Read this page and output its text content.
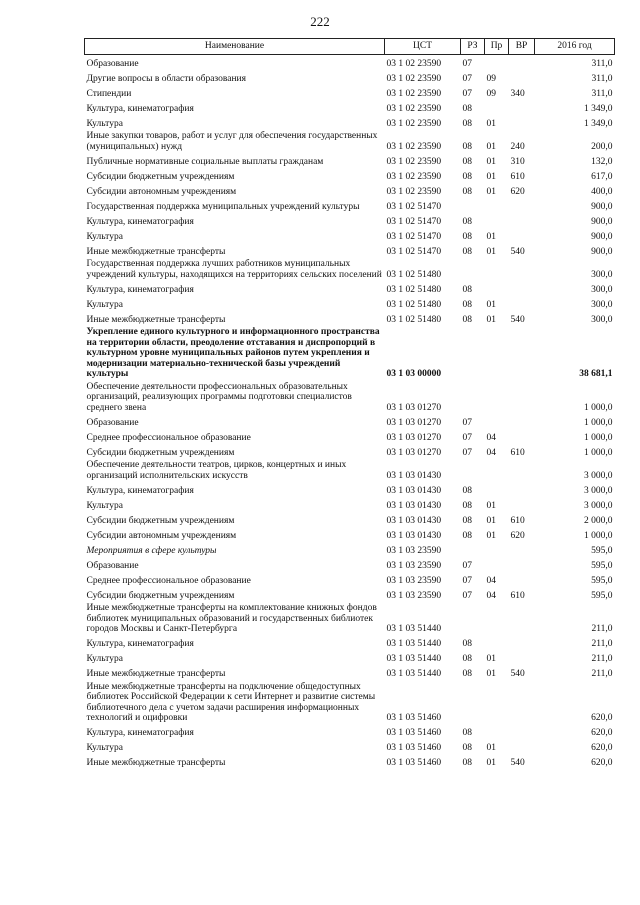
222
Наименование	ЦСТ	РЗ	Пр	ВР	2016 год
Образование	03 1 02 23590	07			311,0
Другие вопросы в области образования	03 1 02 23590	07	09		311,0
Стипендии	03 1 02 23590	07	09	340	311,0
Культура, кинематография	03 1 02 23590	08			1 349,0
Культура	03 1 02 23590	08	01		1 349,0
Иные закупки товаров, работ и услуг для обеспечения государственных (муниципальных) нужд	03 1 02 23590	08	01	240	200,0
Публичные нормативные социальные выплаты гражданам	03 1 02 23590	08	01	310	132,0
Субсидии бюджетным учреждениям	03 1 02 23590	08	01	610	617,0
Субсидии автономным учреждениям	03 1 02 23590	08	01	620	400,0
Государственная поддержка муниципальных учреждений культуры	03 1 02 51470				900,0
Культура, кинематография	03 1 02 51470	08			900,0
Культура	03 1 02 51470	08	01		900,0
Иные межбюджетные трансферты	03 1 02 51470	08	01	540	900,0
Государственная поддержка лучших работников муниципальных учреждений культуры, находящихся на территориях сельских поселений	03 1 02 51480				300,0
Культура, кинематография	03 1 02 51480	08			300,0
Культура	03 1 02 51480	08	01		300,0
Иные межбюджетные трансферты	03 1 02 51480	08	01	540	300,0
Укрепление единого культурного и информационного пространства на территории области, преодоление отставания и диспропорций в культурном уровне муниципальных районов путем укрепления и модернизации материально-технической базы учреждений культуры	03 1 03 00000				38 681,1
Обеспечение деятельности профессиональных образовательных организаций, реализующих программы подготовки специалистов среднего звена	03 1 03 01270				1 000,0
Образование	03 1 03 01270	07			1 000,0
Среднее профессиональное образование	03 1 03 01270	07	04		1 000,0
Субсидии бюджетным учреждениям	03 1 03 01270	07	04	610	1 000,0
Обеспечение деятельности театров, цирков, концертных и иных организаций исполнительских искусств	03 1 03 01430				3 000,0
Культура, кинематография	03 1 03 01430	08			3 000,0
Культура	03 1 03 01430	08	01		3 000,0
Субсидии бюджетным учреждениям	03 1 03 01430	08	01	610	2 000,0
Субсидии автономным учреждениям	03 1 03 01430	08	01	620	1 000,0
Мероприятия в сфере культуры	03 1 03 23590				595,0
Образование	03 1 03 23590	07			595,0
Среднее профессиональное образование	03 1 03 23590	07	04		595,0
Субсидии бюджетным учреждениям	03 1 03 23590	07	04	610	595,0
Иные межбюджетные трансферты на комплектование книжных фондов библиотек муниципальных образований и государственных библиотек городов Москвы и Санкт-Петербурга	03 1 03 51440				211,0
Культура, кинематография	03 1 03 51440	08			211,0
Культура	03 1 03 51440	08	01		211,0
Иные межбюджетные трансферты	03 1 03 51440	08	01	540	211,0
Иные межбюджетные трансферты на подключение общедоступных библиотек Российской Федерации к сети Интернет и развитие системы библиотечного дела с учетом задачи расширения информационных технологий и оцифровки	03 1 03 51460				620,0
Культура, кинематография	03 1 03 51460	08			620,0
Культура	03 1 03 51460	08	01		620,0
Иные межбюджетные трансферты	03 1 03 51460	08	01	540	620,0
